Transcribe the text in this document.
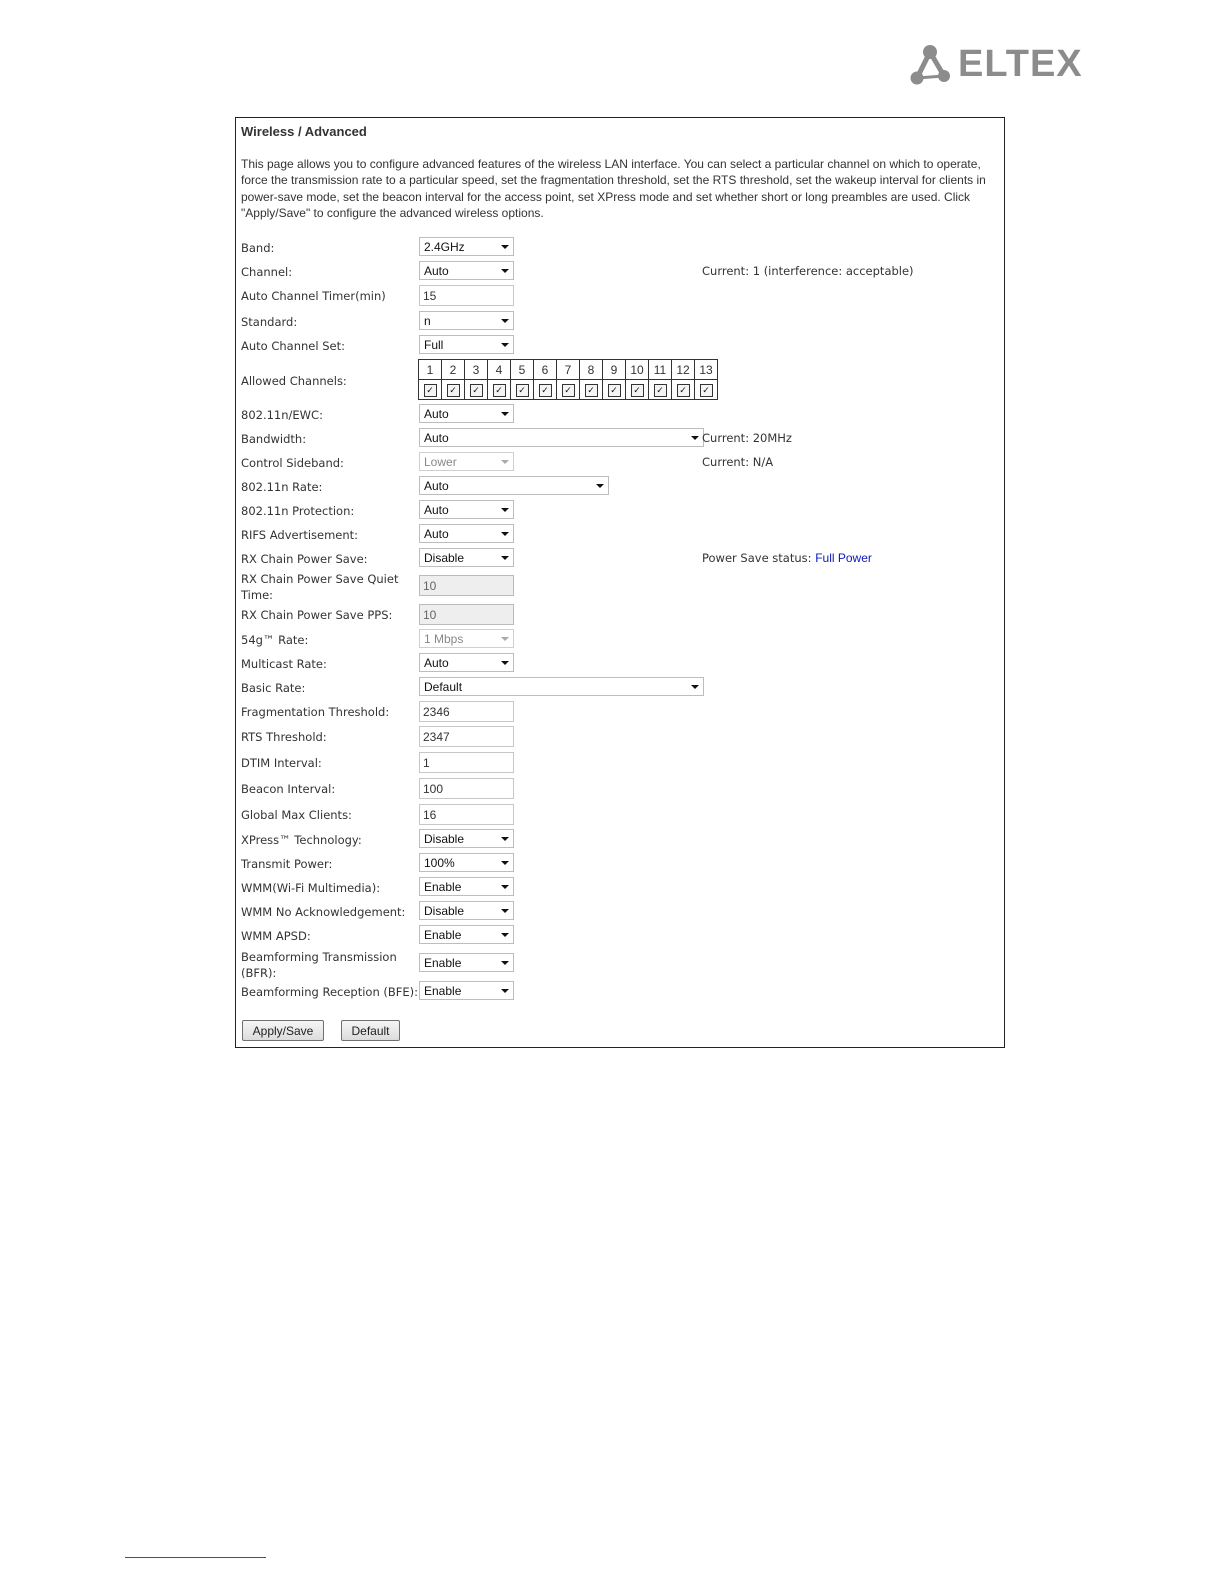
ELTEX
Wireless / Advanced
This page allows you to configure advanced features of the wireless LAN interface. You can select a particular channel on which to operate, force the transmission rate to a particular speed, set the fragmentation threshold, set the RTS threshold, set the wakeup interval for clients in power-save mode, set the beacon interval for the access point, set XPress mode and set whether short or long preambles are used. Click "Apply/Save" to configure the advanced wireless options.
Band:	2.4GHz
Channel:	Auto	Current: 1 (interference: acceptable)
Auto Channel Timer(min)	15
Standard:	n
Auto Channel Set:	Full
Allowed Channels:
1	2	3	4	5	6	7	8	9	10	11	12	13
✓	✓	✓	✓	✓	✓	✓	✓	✓	✓	✓	✓	✓
802.11n/EWC:	Auto
Bandwidth:	Auto	Current: 20MHz
Control Sideband:	Lower	Current: N/A
802.11n Rate:	Auto
802.11n Protection:	Auto
RIFS Advertisement:	Auto
RX Chain Power Save:	Disable	Power Save status: Full Power
RX Chain Power Save Quiet Time:
10
RX Chain Power Save PPS:	10
54g™ Rate:	1 Mbps
Multicast Rate:	Auto
Basic Rate:	Default
Fragmentation Threshold:	2346
RTS Threshold:	2347
DTIM Interval:	1
Beacon Interval:	100
Global Max Clients:	16
XPress™ Technology:	Disable
Transmit Power:	100%
WMM(Wi-Fi Multimedia):	Enable
WMM No Acknowledgement:	Disable
WMM APSD:	Enable
Beamforming Transmission (BFR):
Enable
Beamforming Reception (BFE): Enable
Apply/Save	Default
